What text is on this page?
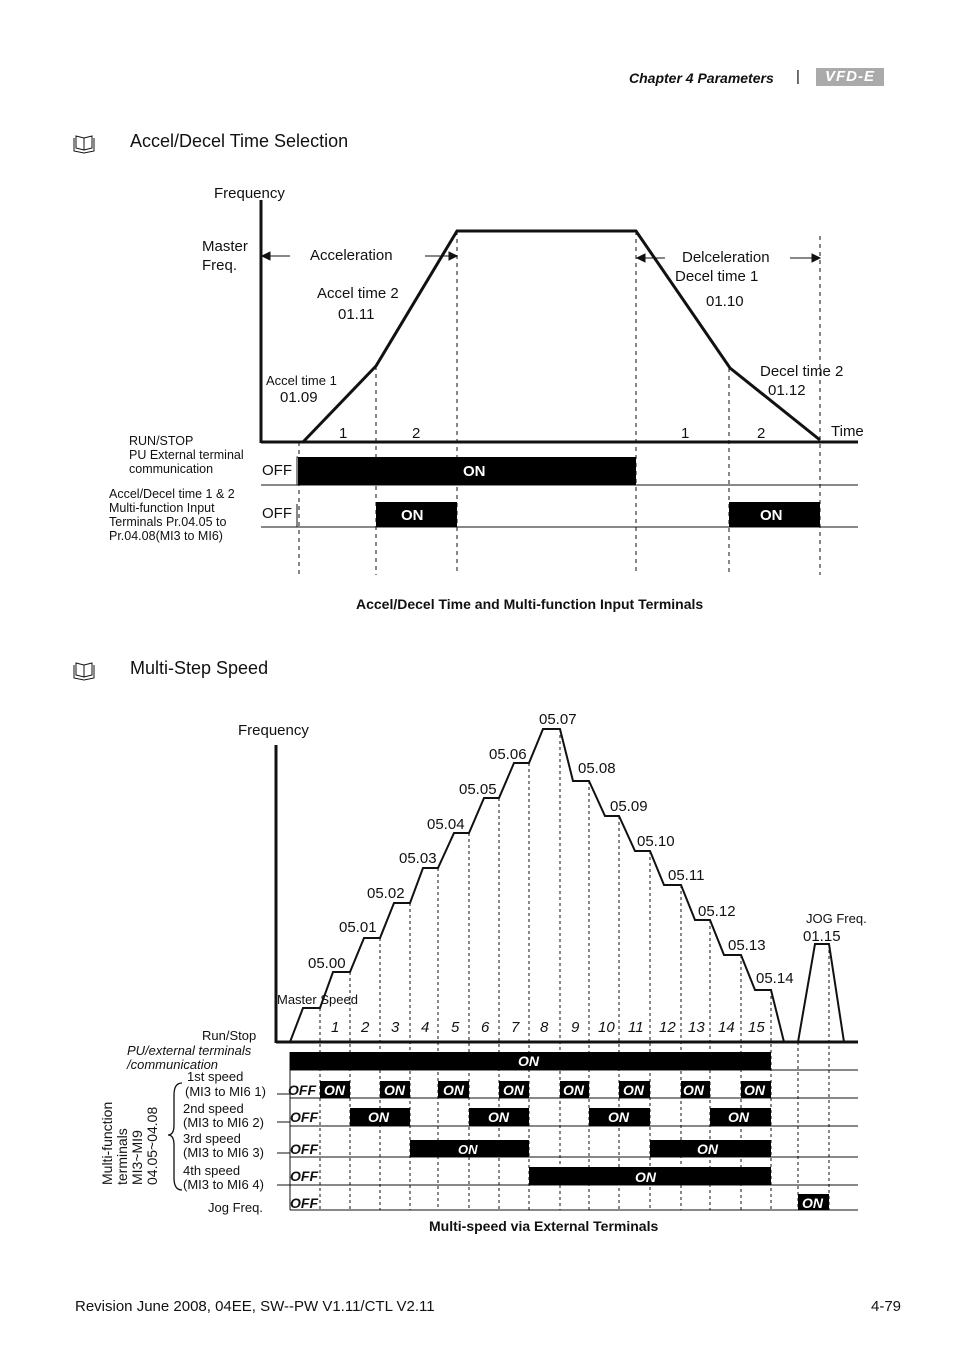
Chapter 4 Parameters |	VFD-E
Accel/Decel Time Selection
Frequency
Master
Freq.
Acceleration	Delceleration
Accel time 2
01.11
Accel time 1
01.09
Decel time 1
01.10
Decel time 2
01.12
Time
1	2	1	2
RUN/STOP
PU External terminal
communication	OFF	ON
Accel/Decel time 1 & 2
Multi-function Input
Terminals Pr.04.05 to
Pr.04.08(MI3 to MI6)
OFF	ON	ON
Accel/Decel Time and Multi-function Input Terminals
Multi-Step Speed
Frequency
05.00
05.01
05.02
05.03
05.04
05.05
05.06
05.07
05.08
05.09
05.10
05.11
05.12
05.13
05.14
Master Speed
JOG Freq.
01.15
1 2 3 4 5 6 7 8 9 10 11 12 13 14 15
Run/Stop
PU/external terminals
/communication	ON
Multi-function terminals MI3~MI9 04.05~04.08
1st speed
(MI3 to MI6 1)
2nd speed
(MI3 to MI6 2)
3rd speed
(MI3 to MI6 3)
4th speed
(MI3 to MI6 4)
Jog Freq.
OFF
OFF
OFF
OFF
OFF
ON	ON	ON	ON	ON	ON	ON	ON
ON	ON	ON	ON
ON	ON
ON
ON
Multi-speed via External Terminals
Revision June 2008, 04EE, SW--PW V1.11/CTL V2.11	4-79
